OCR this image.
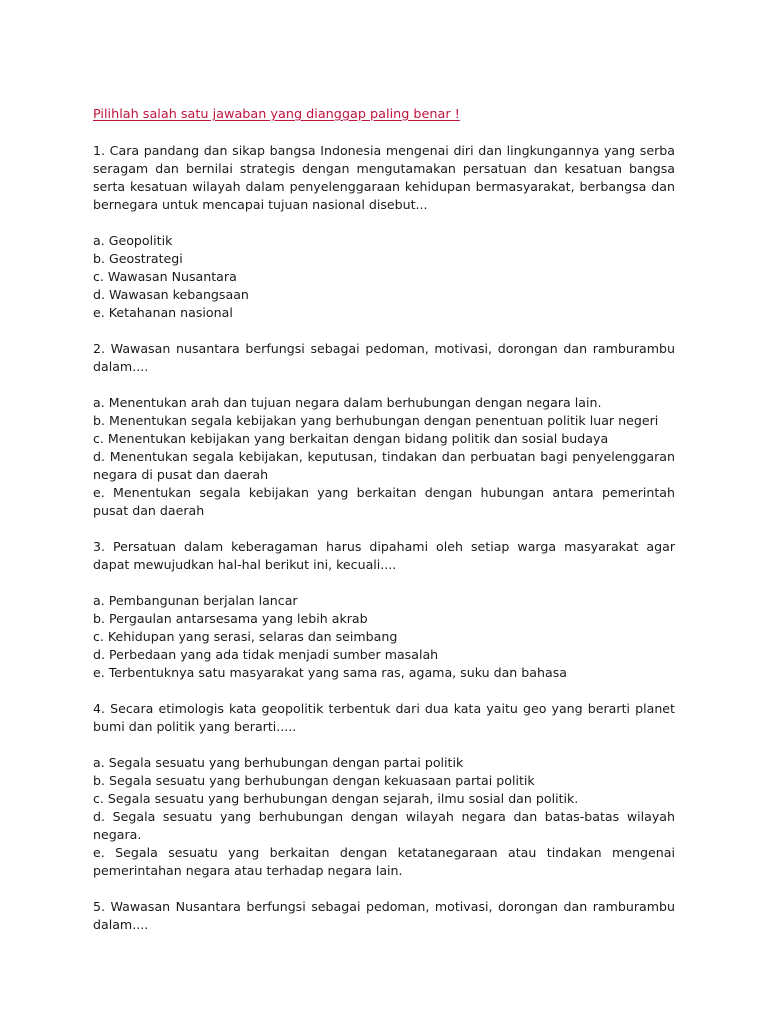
Pilihlah salah satu jawaban yang dianggap paling benar !

1. Cara pandang dan sikap bangsa Indonesia mengenai diri dan lingkungannya yang serba seragam dan bernilai strategis dengan mengutamakan persatuan dan kesatuan bangsa serta kesatuan wilayah dalam penyelenggaraan kehidupan bermasyarakat, berbangsa dan bernegara untuk mencapai tujuan nasional disebut...

a. Geopolitik
b. Geostrategi
c. Wawasan Nusantara
d. Wawasan kebangsaan
e. Ketahanan nasional

2. Wawasan nusantara berfungsi sebagai pedoman, motivasi, dorongan dan ramburambu dalam....

a. Menentukan arah dan tujuan negara dalam berhubungan dengan negara lain.
b. Menentukan segala kebijakan yang berhubungan dengan penentuan politik luar negeri
c. Menentukan kebijakan yang berkaitan dengan bidang politik dan sosial budaya
d. Menentukan segala kebijakan, keputusan, tindakan dan perbuatan bagi penyelenggaran negara di pusat dan daerah
e. Menentukan segala kebijakan yang berkaitan dengan hubungan antara pemerintah pusat dan daerah

3. Persatuan dalam keberagaman harus dipahami oleh setiap warga masyarakat agar dapat mewujudkan hal-hal berikut ini, kecuali....

a. Pembangunan berjalan lancar
b. Pergaulan antarsesama yang lebih akrab
c. Kehidupan yang serasi, selaras dan seimbang
d. Perbedaan yang ada tidak menjadi sumber masalah
e. Terbentuknya satu masyarakat yang sama ras, agama, suku dan bahasa

4. Secara etimologis kata geopolitik terbentuk dari dua kata yaitu geo yang berarti planet bumi dan politik yang berarti.....

a. Segala sesuatu yang berhubungan dengan partai politik
b. Segala sesuatu yang berhubungan dengan kekuasaan partai politik
c. Segala sesuatu yang berhubungan dengan sejarah, ilmu sosial dan politik.
d. Segala sesuatu yang berhubungan dengan wilayah negara dan batas-batas wilayah negara.
e. Segala sesuatu yang berkaitan dengan ketatanegaraan atau tindakan mengenai pemerintahan negara atau terhadap negara lain.

5. Wawasan Nusantara berfungsi sebagai pedoman, motivasi, dorongan dan ramburambu dalam....
